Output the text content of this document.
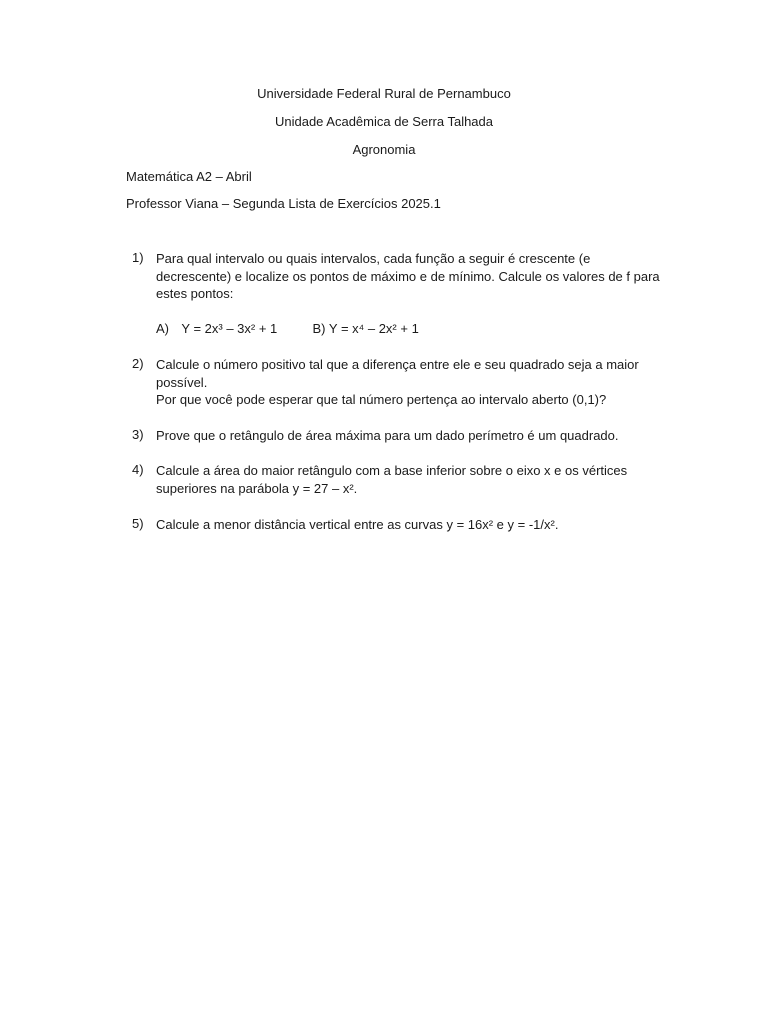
Universidade Federal Rural de Pernambuco
Unidade Acadêmica de Serra Talhada
Agronomia
Matemática A2 – Abril
Professor Viana – Segunda Lista de Exercícios 2025.1
1) Para qual intervalo ou quais intervalos, cada função a seguir é crescente (e

decrescente) e localize os pontos de máximo e de mínimo. Calcule os valores de f para

estes pontos:

A) Y = 2x³ – 3x² + 1	B) Y = x⁴ – 2x² + 1
2) Calcule o número positivo tal que a diferença entre ele e seu quadrado seja a maior

possível.

Por que você pode esperar que tal número pertença ao intervalo aberto (0,1)?

3) Prove que o retângulo de área máxima para um dado perímetro é um quadrado.

4) Calcule a área do maior retângulo com a base inferior sobre o eixo x e os vértices

superiores na parábola y = 27 – x².

5) Calcule a menor distância vertical entre as curvas y = 16x² e y = -1/x².
